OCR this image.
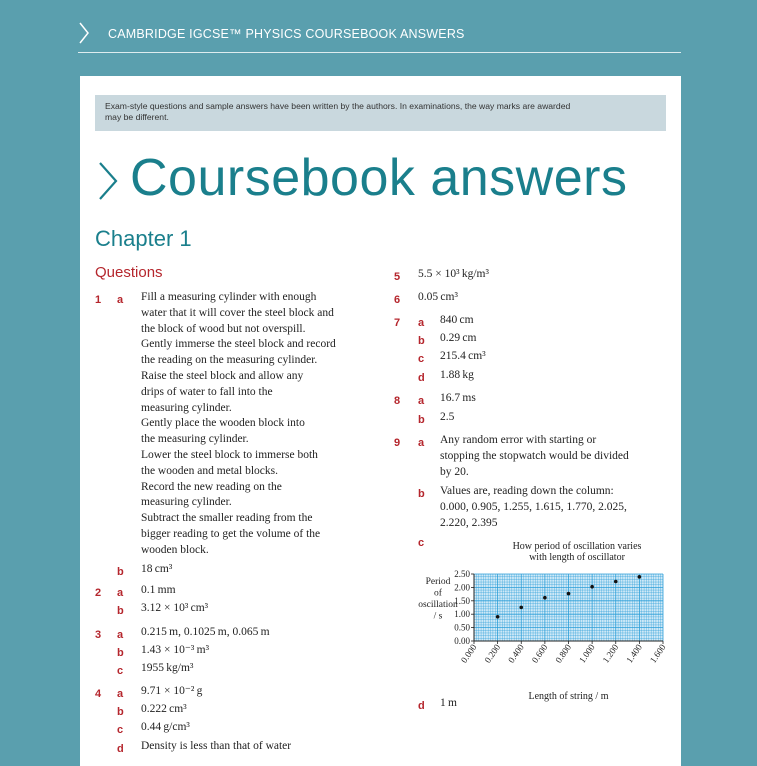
CAMBRIDGE IGCSE™ PHYSICS COURSEBOOK ANSWERS
Exam-style questions and sample answers have been written by the authors. In examinations, the way marks are awarded
may be different.
Coursebook answers
Chapter 1
Questions
1 a Fill a measuring cylinder with enough
water that it will cover the steel block and
the block of wood but not overspill.
Gently immerse the steel block and record
the reading on the measuring cylinder.
Raise the steel block and allow any
drips of water to fall into the
measuring cylinder.
Gently place the wooden block into
the measuring cylinder.
Lower the steel block to immerse both
the wooden and metal blocks.
Record the new reading on the
measuring cylinder.
Subtract the smaller reading from the
bigger reading to get the volume of the
wooden block.
b 18 cm³
2 a 0.1 mm
b 3.12 × 10³ cm³
3 a 0.215 m, 0.1025 m, 0.065 m
b 1.43 × 10⁻³ m³
c 1955 kg/m³
4 a 9.71 × 10⁻² g
b 0.222 cm³
c 0.44 g/cm³
d Density is less than that of water
5 5.5 × 10³ kg/m³
6 0.05 cm³
7 a 840 cm
b 0.29 cm
c 215.4 cm³
d 1.88 kg
8 a 16.7 ms
b 2.5
9 a Any random error with starting or
stopping the stopwatch would be divided
by 20.
b Values are, reading down the column:
0.000, 0.905, 1.255, 1.615, 1.770, 2.025,
2.220, 2.395
c	How period of oscillation varies
with length of oscillator
0.00
0.50
1.00
1.50
2.00
2.50
0.000 0.200 0.400 0.600 0.800 1.000 1.200 1.400 1.600
Period
of
oscillation
/ s
Length of string / m
d 1 m
